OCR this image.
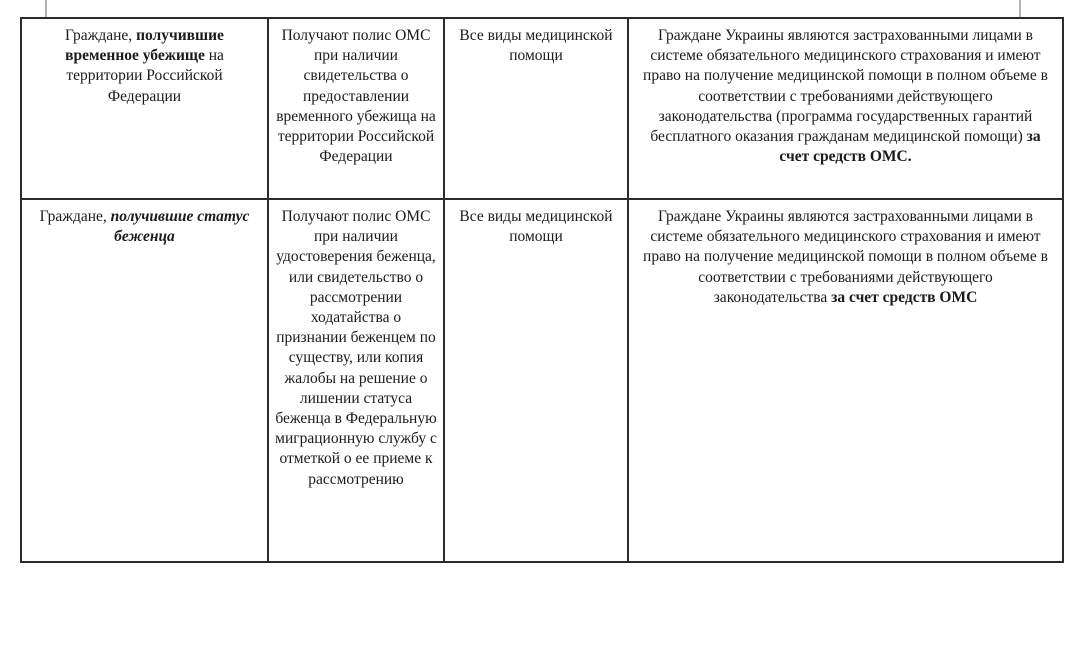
Граждане, получившие временное убежище на территории Российской Федерации	Получают полис ОМС при наличии свидетельства о предоставлении временного убежища на территории Российской Федерации	Все виды медицинской помощи	Граждане Украины являются застрахованными лицами в системе обязательного медицинского страхования и имеют право на получение медицинской помощи в полном объеме в соответствии с требованиями действующего законодательства (программа государственных гарантий бесплатного оказания гражданам медицинской помощи) за счет средств ОМС.
Граждане, получившие статус беженца	Получают полис ОМС при наличии удостоверения беженца, или свидетельство о рассмотрении ходатайства о признании беженцем по существу, или копия жалобы на решение о лишении статуса беженца в Федеральную миграционную службу с отметкой о ее приеме к рассмотрению	Все виды медицинской помощи	Граждане Украины являются застрахованными лицами в системе обязательного медицинского страхования и имеют право на получение медицинской помощи в полном объеме в соответствии с требованиями действующего законодательства за счет средств ОМС
